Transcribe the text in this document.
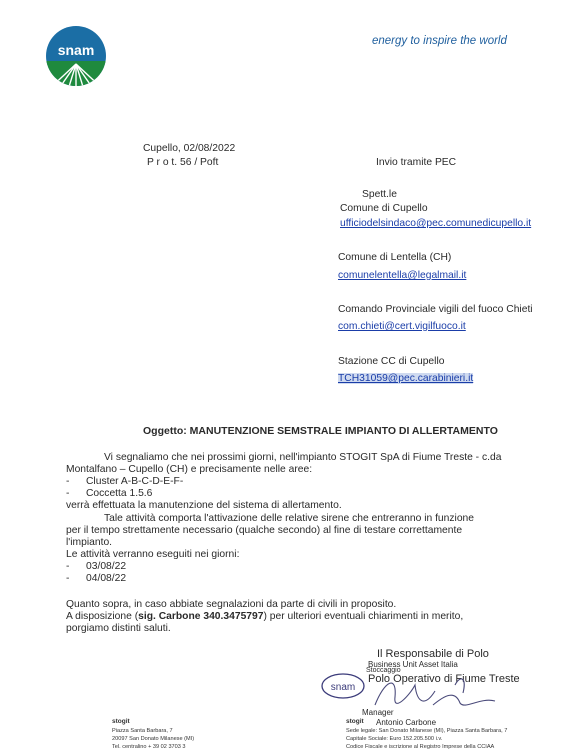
snam
energy to inspire the world
Cupello, 02/08/2022
P r o t. 56 / Poft	Invio tramite PEC
Spett.le
Comune di Cupello
ufficiodelsindaco@pec.comunedicupello.it
Comune di Lentella (CH)
comunelentella@legalmail.it
Comando Provinciale vigili del fuoco Chieti
com.chieti@cert.vigilfuoco.it
Stazione CC di Cupello
TCH31059@pec.carabinieri.it
Oggetto: MANUTENZIONE SEMSTRALE IMPIANTO DI ALLERTAMENTO
Vi segnaliamo che nei prossimi giorni, nell'impianto STOGIT SpA di Fiume Treste - c.da
Montalfano – Cupello (CH) e precisamente nelle aree:
- Cluster A-B-C-D-E-F-
- Coccetta 1.5.6
verrà effettuata la manutenzione del sistema di allertamento.
Tale attività comporta l'attivazione delle relative sirene che entreranno in funzione
per il tempo strettamente necessario (qualche secondo) al fine di testare correttamente
l'impianto.
Le attività verranno eseguiti nei giorni:
- 03/08/22
- 04/08/22
Quanto sopra, in caso abbiate segnalazioni da parte di civili in proposito.
A disposizione (sig. Carbone 340.3475797) per ulteriori eventuali chiarimenti in merito,
porgiamo distinti saluti.
Il Responsabile di Polo
Business Unit Asset Italia
Stoccaggio
Polo Operativo di Fiume Treste
Manager
Antonio Carbone
snam
stogit
Piazza Santa Barbara, 7
20097 San Donato Milanese (MI)
Tel. centralino + 39 02 3703 3
stogit
Sede legale: San Donato Milanese (MI), Piazza Santa Barbara, 7
Capitale Sociale: Euro 152.205.500 i.v.
Codice Fiscale e iscrizione al Registro Imprese della CCIAA
